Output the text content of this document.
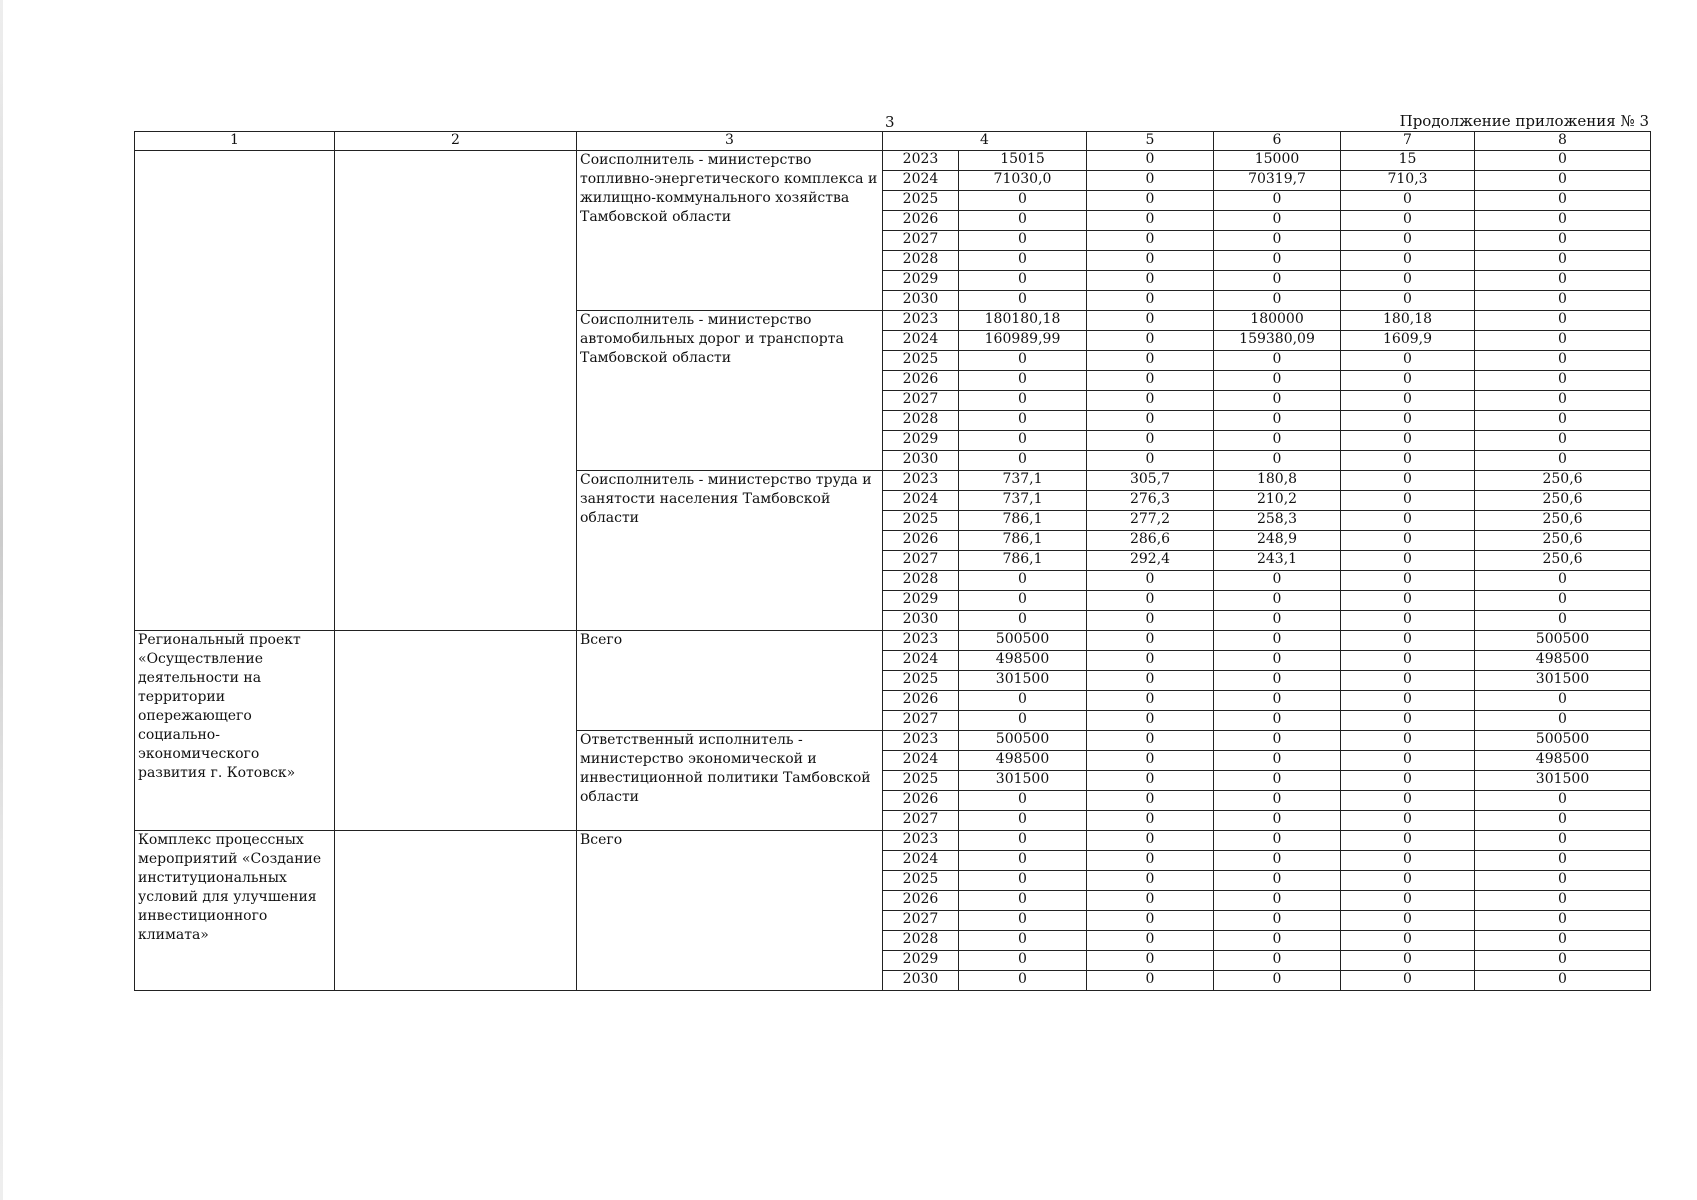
3	Продолжение приложения № 3
1	2	3	4		5	6	7	8
		Соисполнитель - министерство топливно-энергетического комплекса и жилищно-коммунального хозяйства Тамбовской области	2023	15015	0	15000	15	0
			2024	71030,0	0	70319,7	710,3	0
			2025	0	0	0	0	0
			2026	0	0	0	0	0
			2027	0	0	0	0	0
			2028	0	0	0	0	0
			2029	0	0	0	0	0
			2030	0	0	0	0	0
		Соисполнитель - министерство автомобильных дорог и транспорта Тамбовской области	2023	180180,18	0	180000	180,18	0
			2024	160989,99	0	159380,09	1609,9	0
			2025	0	0	0	0	0
			2026	0	0	0	0	0
			2027	0	0	0	0	0
			2028	0	0	0	0	0
			2029	0	0	0	0	0
			2030	0	0	0	0	0
		Соисполнитель - министерство труда и занятости населения Тамбовской области	2023	737,1	305,7	180,8	0	250,6
			2024	737,1	276,3	210,2	0	250,6
			2025	786,1	277,2	258,3	0	250,6
			2026	786,1	286,6	248,9	0	250,6
			2027	786,1	292,4	243,1	0	250,6
			2028	0	0	0	0	0
			2029	0	0	0	0	0
			2030	0	0	0	0	0
Региональный проект «Осуществление деятельности на территории опережающего социально-экономического развития г. Котовск»		Всего	2023	500500	0	0	0	500500
			2024	498500	0	0	0	498500
			2025	301500	0	0	0	301500
			2026	0	0	0	0	0
			2027	0	0	0	0	0
		Ответственный исполнитель - министерство экономической и инвестиционной политики Тамбовской области	2023	500500	0	0	0	500500
			2024	498500	0	0	0	498500
			2025	301500	0	0	0	301500
			2026	0	0	0	0	0
			2027	0	0	0	0	0
Комплекс процессных мероприятий «Создание институциональных условий для улучшения инвестиционного климата»		Всего	2023	0	0	0	0	0
			2024	0	0	0	0	0
			2025	0	0	0	0	0
			2026	0	0	0	0	0
			2027	0	0	0	0	0
			2028	0	0	0	0	0
			2029	0	0	0	0	0
			2030	0	0	0	0	0
